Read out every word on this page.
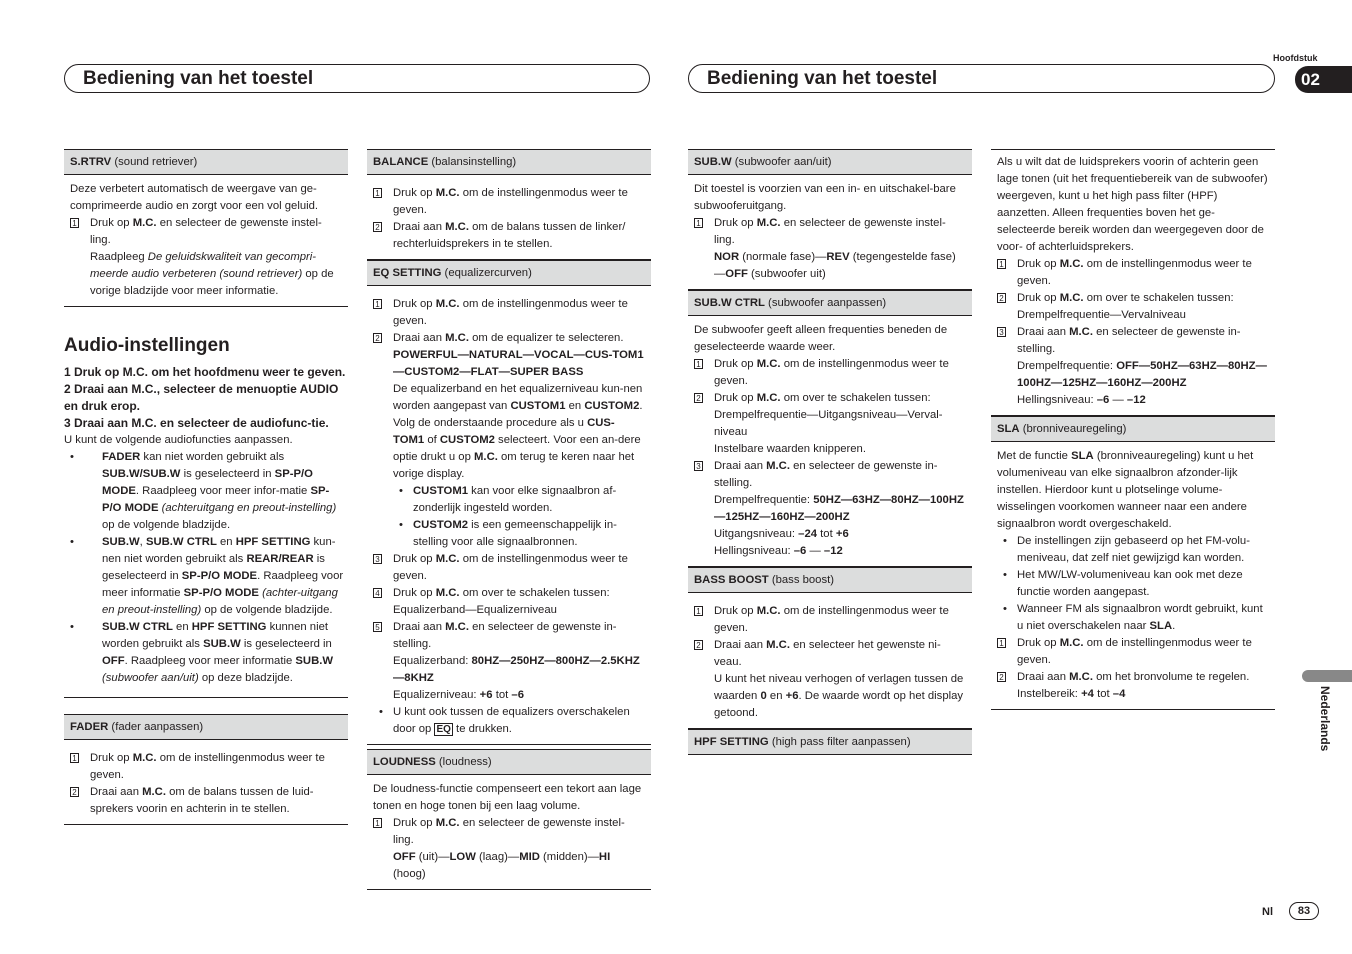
Bediening van het toestel	Bediening van het toestel
Hoofdstuk
02
Nederlands
Nl	83
S.RTRV (sound retriever)

Deze verbetert automatisch de weergave van ge-comprimeerde audio en zorgt voor een vol geluid.

1 Druk op M.C. en selecteer de gewenste instel-ling.
Raadpleeg De geluidskwaliteit van gecompri-meerde audio verbeteren (sound retriever) op de vorige bladzijde voor meer informatie.
Audio-instellingen

1 Druk op M.C. om het hoofdmenu weer te geven.

2 Draai aan M.C., selecteer de menuoptie AUDIO en druk erop.

3 Draai aan M.C. en selecteer de audiofunc-tie.

U kunt de volgende audiofuncties aanpassen.

• FADER kan niet worden gebruikt als SUB.W/SUB.W is geselecteerd in SP-P/O MODE. Raadpleeg voor meer infor-matie SP-P/O MODE (achteruitgang en preout-instelling) op de volgende bladzijde.
• SUB.W, SUB.W CTRL en HPF SETTING kun-nen niet worden gebruikt als REAR/REAR is geselecteerd in SP-P/O MODE. Raadpleeg voor meer informatie SP-P/O MODE (achter-uitgang en preout-instelling) op de volgende bladzijde.
• SUB.W CTRL en HPF SETTING kunnen niet worden gebruikt als SUB.W is geselecteerd in OFF. Raadpleeg voor meer informatie SUB.W (subwoofer aan/uit) op deze bladzijde.
FADER (fader aanpassen)
1 Druk op M.C. om de instellingenmodus weer te geven.
2 Draai aan M.C. om de balans tussen de luid-sprekers voorin en achterin in te stellen.
BALANCE (balansinstelling)
1 Druk op M.C. om de instellingenmodus weer te geven.
2 Draai aan M.C. om de balans tussen de linker/ rechterluidsprekers in te stellen.
EQ SETTING (equalizercurven)
1 Druk op M.C. om de instellingenmodus weer te geven.
2 Draai aan M.C. om de equalizer te selecteren.
POWERFUL—NATURAL—VOCAL—CUS-TOM1—CUSTOM2—FLAT—SUPER BASS
De equalizerband en het equalizerniveau kun-nen worden aangepast van CUSTOM1 en CUSTOM2.
Volg de onderstaande procedure als u CUS-TOM1 of CUSTOM2 selecteert. Voor een an-dere optie drukt u op M.C. om terug te keren naar het vorige display.
• CUSTOM1 kan voor elke signaalbron af-zonderlijk ingesteld worden.
• CUSTOM2 is een gemeenschappelijk in-stelling voor alle signaalbronnen.
3 Druk op M.C. om de instellingenmodus weer te geven.
4 Druk op M.C. om over te schakelen tussen:
Equalizerband—Equalizerniveau
5 Draai aan M.C. en selecteer de gewenste in-stelling.
Equalizerband: 80HZ—250HZ—800HZ—2.5KHZ—8KHZ
Equalizerniveau: +6 tot –6
• U kunt ook tussen de equalizers overschakelen door op EQ te drukken.
LOUDNESS (loudness)

De loudness-functie compenseert een tekort aan lage tonen en hoge tonen bij een laag volume.

1 Druk op M.C. en selecteer de gewenste instel-ling.
OFF (uit)—LOW (laag)—MID (midden)—HI (hoog)
SUB.W (subwoofer aan/uit)

Dit toestel is voorzien van een in- en uitschakel-bare subwooferuitgang.

1 Druk op M.C. en selecteer de gewenste instel-ling.
NOR (normale fase)—REV (tegengestelde fase)—OFF (subwoofer uit)
SUB.W CTRL (subwoofer aanpassen)

De subwoofer geeft alleen frequenties beneden de geselecteerde waarde weer.

1 Druk op M.C. om de instellingenmodus weer te geven.
2 Druk op M.C. om over te schakelen tussen:
Drempelfrequentie—Uitgangsniveau—Verval-niveau
Instelbare waarden knipperen.
3 Draai aan M.C. en selecteer de gewenste in-stelling.
Drempelfrequentie: 50HZ—63HZ—80HZ—100HZ—125HZ—160HZ—200HZ
Uitgangsniveau: –24 tot +6
Hellingsniveau: –6 — –12
BASS BOOST (bass boost)
1 Druk op M.C. om de instellingenmodus weer te geven.
2 Draai aan M.C. en selecteer het gewenste ni-veau.
U kunt het niveau verhogen of verlagen tussen de waarden 0 en +6. De waarde wordt op het display getoond.
HPF SETTING (high pass filter aanpassen)

Als u wilt dat de luidsprekers voorin of achterin geen lage tonen (uit het frequentiebereik van de subwoofer) weergeven, kunt u het high pass filter (HPF) aanzetten. Alleen frequenties boven het ge-selecteerde bereik worden dan weergegeven door de voor- of achterluidsprekers.

1 Druk op M.C. om de instellingenmodus weer te geven.
2 Druk op M.C. om over te schakelen tussen:
Drempelfrequentie—Vervalniveau
3 Draai aan M.C. en selecteer de gewenste in-stelling.
Drempelfrequentie: OFF—50HZ—63HZ—80HZ—100HZ—125HZ—160HZ—200HZ
Hellingsniveau: –6 — –12
SLA (bronniveauregeling)

Met de functie SLA (bronniveauregeling) kunt u het volumeniveau van elke signaalbron afzonder-lijk instellen. Hierdoor kunt u plotselinge volume-wisselingen voorkomen wanneer naar een andere signaalbron wordt overgeschakeld.

• De instellingen zijn gebaseerd op het FM-volu-meniveau, dat zelf niet gewijzigd kan worden.
• Het MW/LW-volumeniveau kan ook met deze functie worden aangepast.
• Wanneer FM als signaalbron wordt gebruikt, kunt u niet overschakelen naar SLA.
1 Druk op M.C. om de instellingenmodus weer te geven.
2 Draai aan M.C. om het bronvolume te regelen.
Instelbereik: +4 tot –4
